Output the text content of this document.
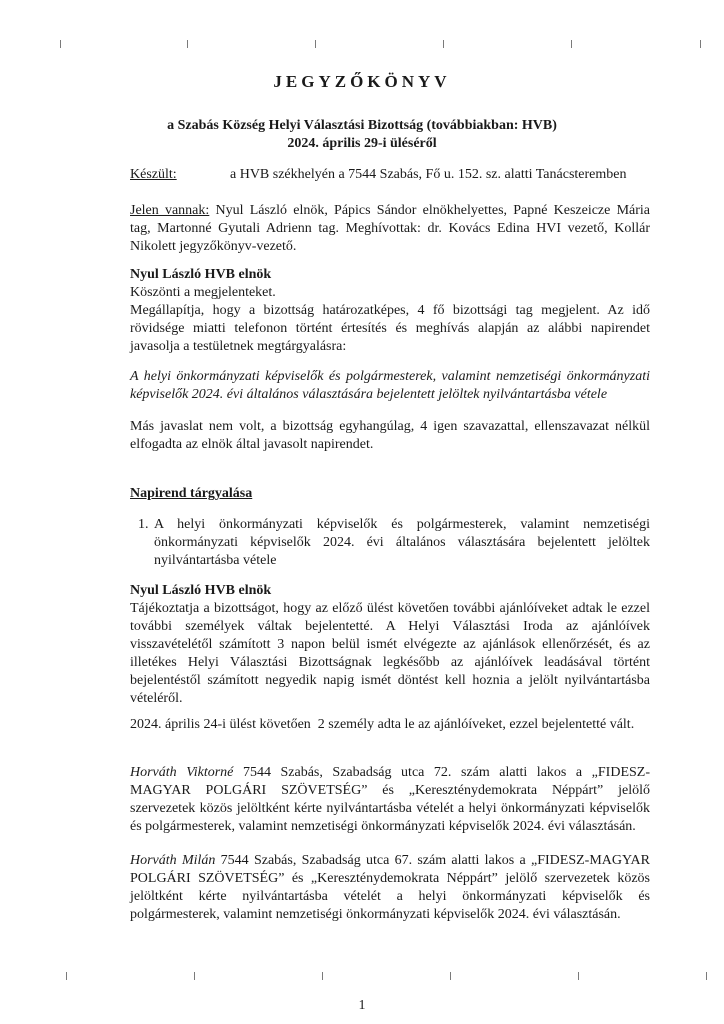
JEGYZŐKÖNYV
a Szabás Község Helyi Választási Bizottság (továbbiakban: HVB)
2024. április 29-i üléséről
Készült:	a HVB székhelyén a 7544 Szabás, Fő u. 152. sz. alatti Tanácsteremben
Jelen vannak: Nyul László elnök, Pápics Sándor elnökhelyettes, Papné Keszeicze Mária
tag, Martonné Gyutali Adrienn tag. Meghívottak: dr. Kovács Edina HVI vezető, Kollár
Nikolett jegyzőkönyv-vezető.
Nyul László HVB elnök
Köszönti a megjelenteket.
Megállapítja, hogy a bizottság határozatképes, 4 fő bizottsági tag megjelent. Az idő
rövidsége miatti telefonon történt értesítés és meghívás alapján az alábbi napirendet
javasolja a testületnek megtárgyalásra:
A helyi önkormányzati képviselők és polgármesterek, valamint nemzetiségi önkormányzati
képviselők 2024. évi általános választására bejelentett jelöltek nyilvántartásba vétele
Más javaslat nem volt, a bizottság egyhangúlag, 4 igen szavazattal, ellenszavazat nélkül
elfogadta az elnök által javasolt napirendet.
Napirend tárgyalása
1. A helyi önkormányzati képviselők és polgármesterek, valamint nemzetiségi
önkormányzati képviselők 2024. évi általános választására bejelentett jelöltek
nyilvántartásba vétele
Nyul László HVB elnök
Tájékoztatja a bizottságot, hogy az előző ülést követően további ajánlóíveket adtak le ezzel
további személyek váltak bejelentetté. A Helyi Választási Iroda az ajánlóívek
visszavételétől számított 3 napon belül ismét elvégezte az ajánlások ellenőrzését, és az
illetékes Helyi Választási Bizottságnak legkésőbb az ajánlóívek leadásával történt
bejelentéstől számított negyedik napig ismét döntést kell hoznia a jelölt nyilvántartásba
vételéről.
2024. április 24-i ülést követően  2 személy adta le az ajánlóíveket, ezzel bejelentetté vált.
Horváth Viktorné 7544 Szabás, Szabadság utca 72. szám alatti lakos a „FIDESZ-
MAGYAR POLGÁRI SZÖVETSÉG” és „Kereszténydemokrata Néppárt” jelölő
szervezetek közös jelöltként kérte nyilvántartásba vételét a helyi önkormányzati képviselők
és polgármesterek, valamint nemzetiségi önkormányzati képviselők 2024. évi választásán.
Horváth Milán 7544 Szabás, Szabadság utca 67. szám alatti lakos a „FIDESZ-MAGYAR
POLGÁRI SZÖVETSÉG” és „Kereszténydemokrata Néppárt” jelölő szervezetek közös
jelöltként kérte nyilvántartásba vételét a helyi önkormányzati képviselők és
polgármesterek, valamint nemzetiségi önkormányzati képviselők 2024. évi választásán.
1
